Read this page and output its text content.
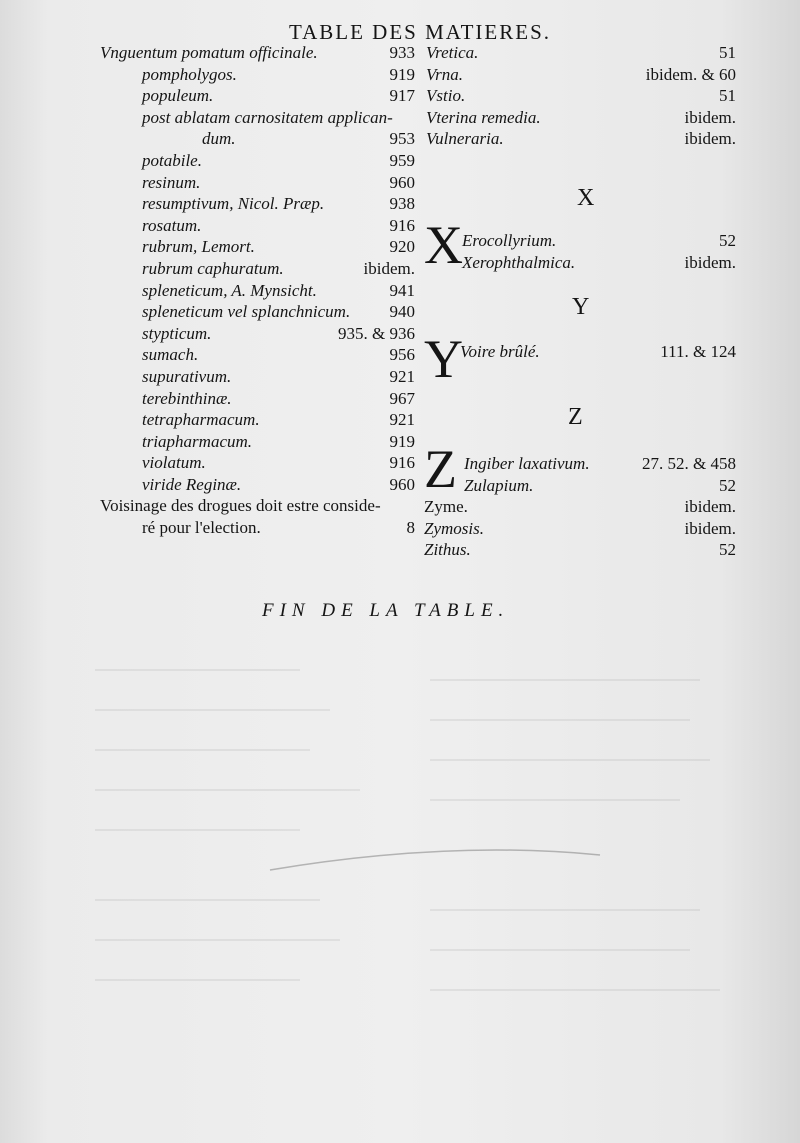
TABLE DES MATIERES.
Vnguentum pomatum officinale.	933
pompholygos.	919
populeum.	917
post ablatam carnositatem applican-
dum.	953
potabile.	959
resinum.	960
resumptivum, Nicol. Præp.	938
rosatum.	916
rubrum, Lemort.	920
rubrum caphuratum.	ibidem.
spleneticum, A. Mynsicht.	941
spleneticum vel splanchnicum. 940
stypticum.	935. & 936
sumach.	956
supurativum.	921
terebinthinæ.	967
tetrapharmacum.	921
triapharmacum.	919
violatum.	916
viride Reginæ.	960
Voisinage des drogues doit estre conside-
ré pour l'election.	8
Vretica.	51
Vrna.	ibidem. & 60
Vstio.	51
Vterina remedia.	ibidem.
Vulneraria.	ibidem.
X
X Erocollyrium.	52
Xerophthalmica.	ibidem.
Y
Y
Voire brûlé.	111. & 124
Z
Z Ingiber laxativum.	27. 52. & 458
Zulapium.	52
Zyme.	ibidem.
Zymosis.	ibidem.
Zithus.	52
FIN DE LA TABLE.
